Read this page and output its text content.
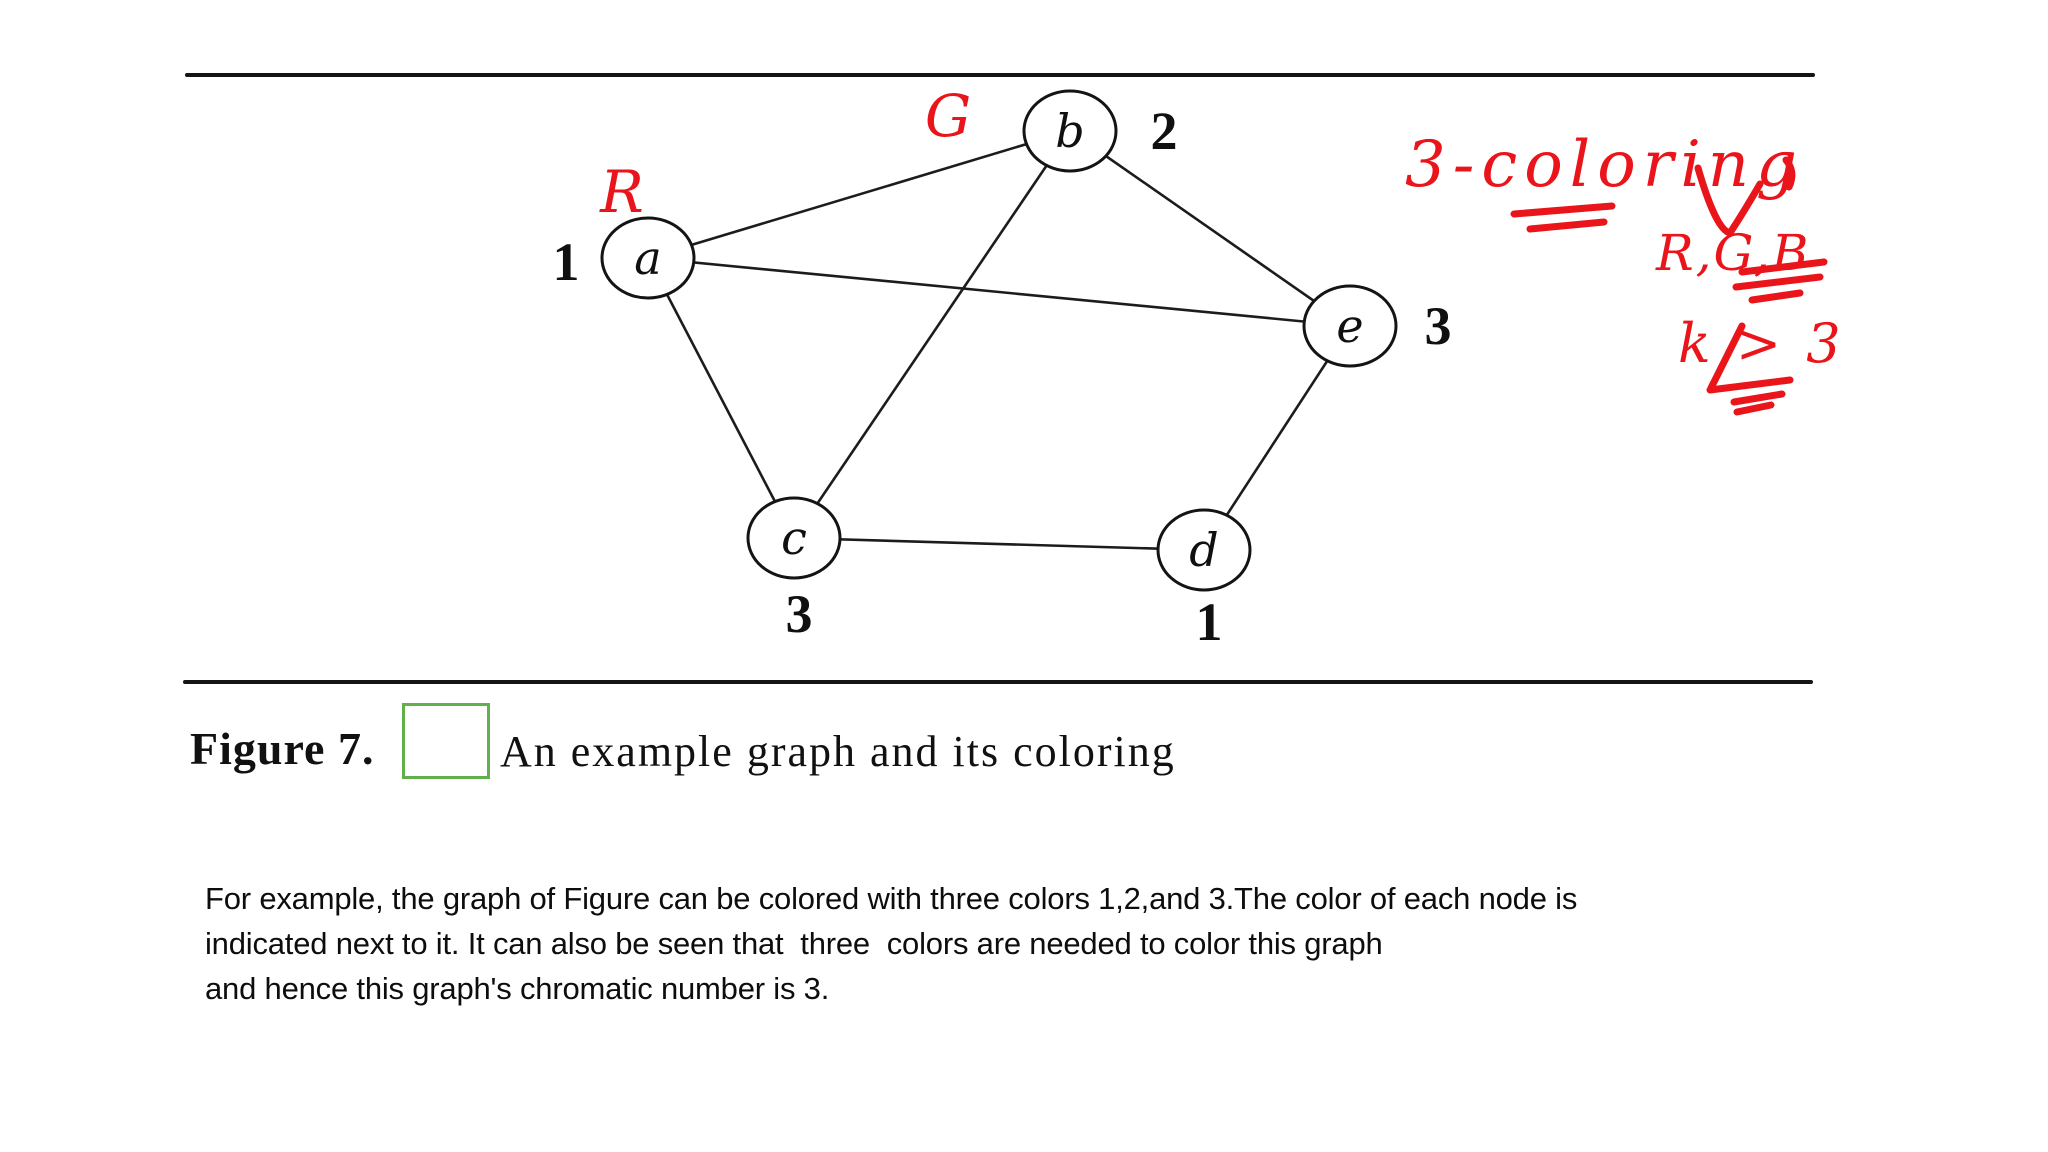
a
1
R
b 2
G
c
3
d
1
e 3
3-coloring
R,G,B
k > 3
Figure 7.	An example graph and its coloring
For example, the graph of Figure can be colored with three colors 1,2,and 3.The color of each node is
indicated next to it. It can also be seen that  three  colors are needed to color this graph
and hence this graph's chromatic number is 3.
